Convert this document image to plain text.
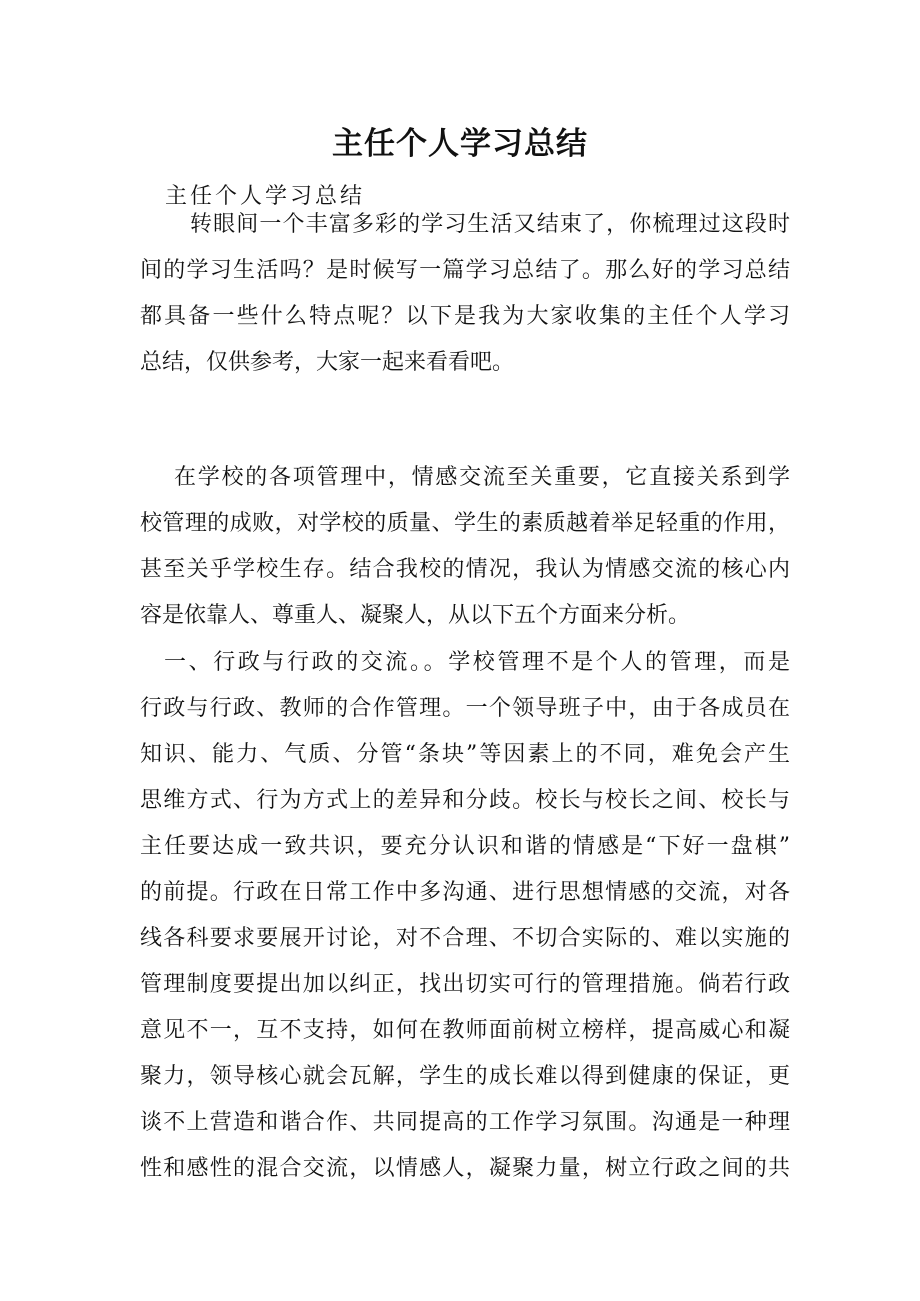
主任个人学习总结

主任个人学习总结

转眼间一个丰富多彩的学习生活又结束了，你梳理过这段时
间的学习生活吗？是时候写一篇学习总结了。那么好的学习总结
都具备一些什么特点呢？以下是我为大家收集的主任个人学习
总结，仅供参考，大家一起来看看吧。
在学校的各项管理中，情感交流至关重要，它直接关系到学
校管理的成败，对学校的质量、学生的素质越着举足轻重的作用，
甚至关乎学校生存。结合我校的情况，我认为情感交流的核心内
容是依靠人、尊重人、凝聚人，从以下五个方面来分析。
一、行政与行政的交流。。学校管理不是个人的管理，而是
行政与行政、教师的合作管理。一个领导班子中，由于各成员在
知识、能力、气质、分管“条块”等因素上的不同，难免会产生
思维方式、行为方式上的差异和分歧。校长与校长之间、校长与
主任要达成一致共识，要充分认识和谐的情感是“下好一盘棋”
的前提。行政在日常工作中多沟通、进行思想情感的交流，对各
线各科要求要展开讨论，对不合理、不切合实际的、难以实施的
管理制度要提出加以纠正，找出切实可行的管理措施。倘若行政
意见不一，互不支持，如何在教师面前树立榜样，提高威心和凝
聚力，领导核心就会瓦解，学生的成长难以得到健康的保证，更
谈不上营造和谐合作、共同提高的工作学习氛围。沟通是一种理
性和感性的混合交流，以情感人，凝聚力量，树立行政之间的共
